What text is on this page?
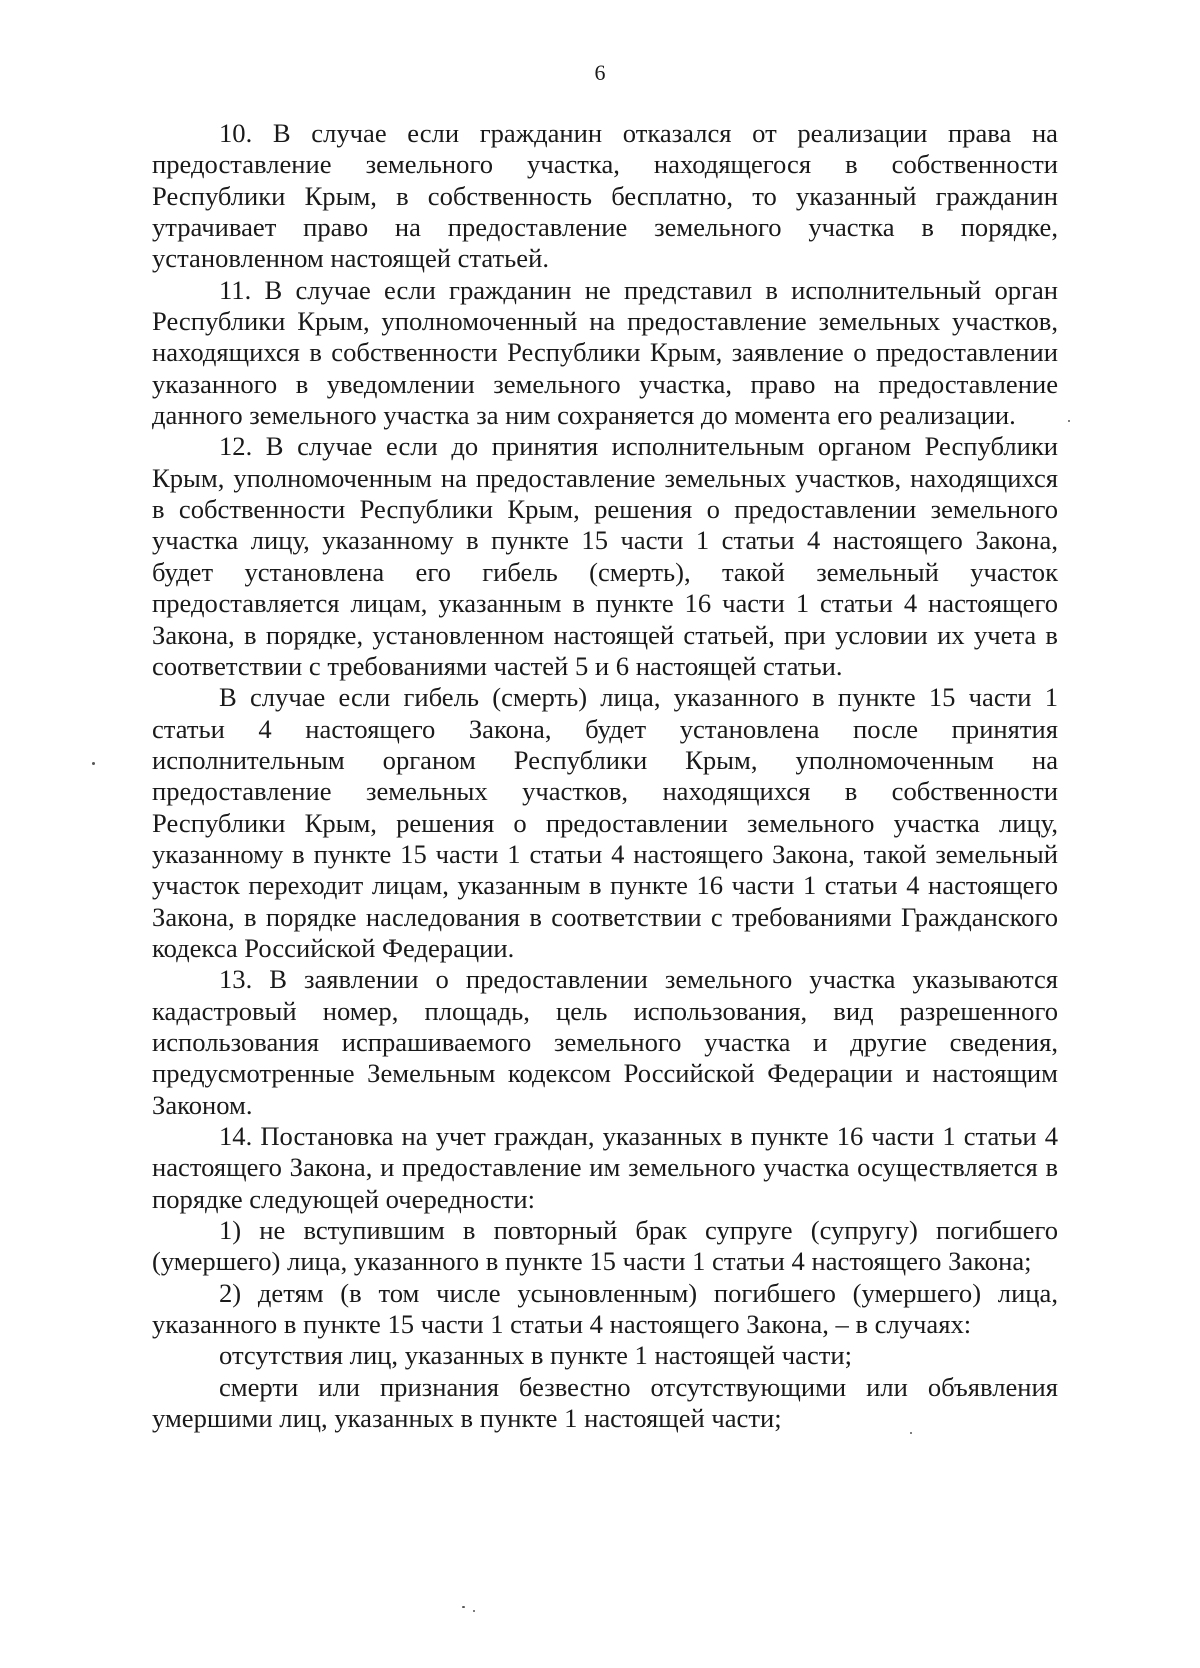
6

10. В случае если гражданин отказался от реализации права на предоставление земельного участка, находящегося в собственности Республики Крым, в собственность бесплатно, то указанный гражданин утрачивает право на предоставление земельного участка в порядке, установленном настоящей статьей.

11. В случае если гражданин не представил в исполнительный орган Республики Крым, уполномоченный на предоставление земельных участков, находящихся в собственности Республики Крым, заявление о предоставлении указанного в уведомлении земельного участка, право на предоставление данного земельного участка за ним сохраняется до момента его реализации.

12. В случае если до принятия исполнительным органом Республики Крым, уполномоченным на предоставление земельных участков, находящихся в собственности Республики Крым, решения о предоставлении земельного участка лицу, указанному в пункте 15 части 1 статьи 4 настоящего Закона, будет установлена его гибель (смерть), такой земельный участок предоставляется лицам, указанным в пункте 16 части 1 статьи 4 настоящего Закона, в порядке, установленном настоящей статьей, при условии их учета в соответствии с требованиями частей 5 и 6 настоящей статьи.

В случае если гибель (смерть) лица, указанного в пункте 15 части 1 статьи 4 настоящего Закона, будет установлена после принятия исполнительным органом Республики Крым, уполномоченным на предоставление земельных участков, находящихся в собственности Республики Крым, решения о предоставлении земельного участка лицу, указанному в пункте 15 части 1 статьи 4 настоящего Закона, такой земельный участок переходит лицам, указанным в пункте 16 части 1 статьи 4 настоящего Закона, в порядке наследования в соответствии с требованиями Гражданского кодекса Российской Федерации.

13. В заявлении о предоставлении земельного участка указываются кадастровый номер, площадь, цель использования, вид разрешенного использования испрашиваемого земельного участка и другие сведения, предусмотренные Земельным кодексом Российской Федерации и настоящим Законом.

14. Постановка на учет граждан, указанных в пункте 16 части 1 статьи 4 настоящего Закона, и предоставление им земельного участка осуществляется в порядке следующей очередности:

1) не вступившим в повторный брак супруге (супругу) погибшего (умершего) лица, указанного в пункте 15 части 1 статьи 4 настоящего Закона;

2) детям (в том числе усыновленным) погибшего (умершего) лица, указанного в пункте 15 части 1 статьи 4 настоящего Закона, – в случаях:

отсутствия лиц, указанных в пункте 1 настоящей части;

смерти или признания безвестно отсутствующими или объявления умершими лиц, указанных в пункте 1 настоящей части;
